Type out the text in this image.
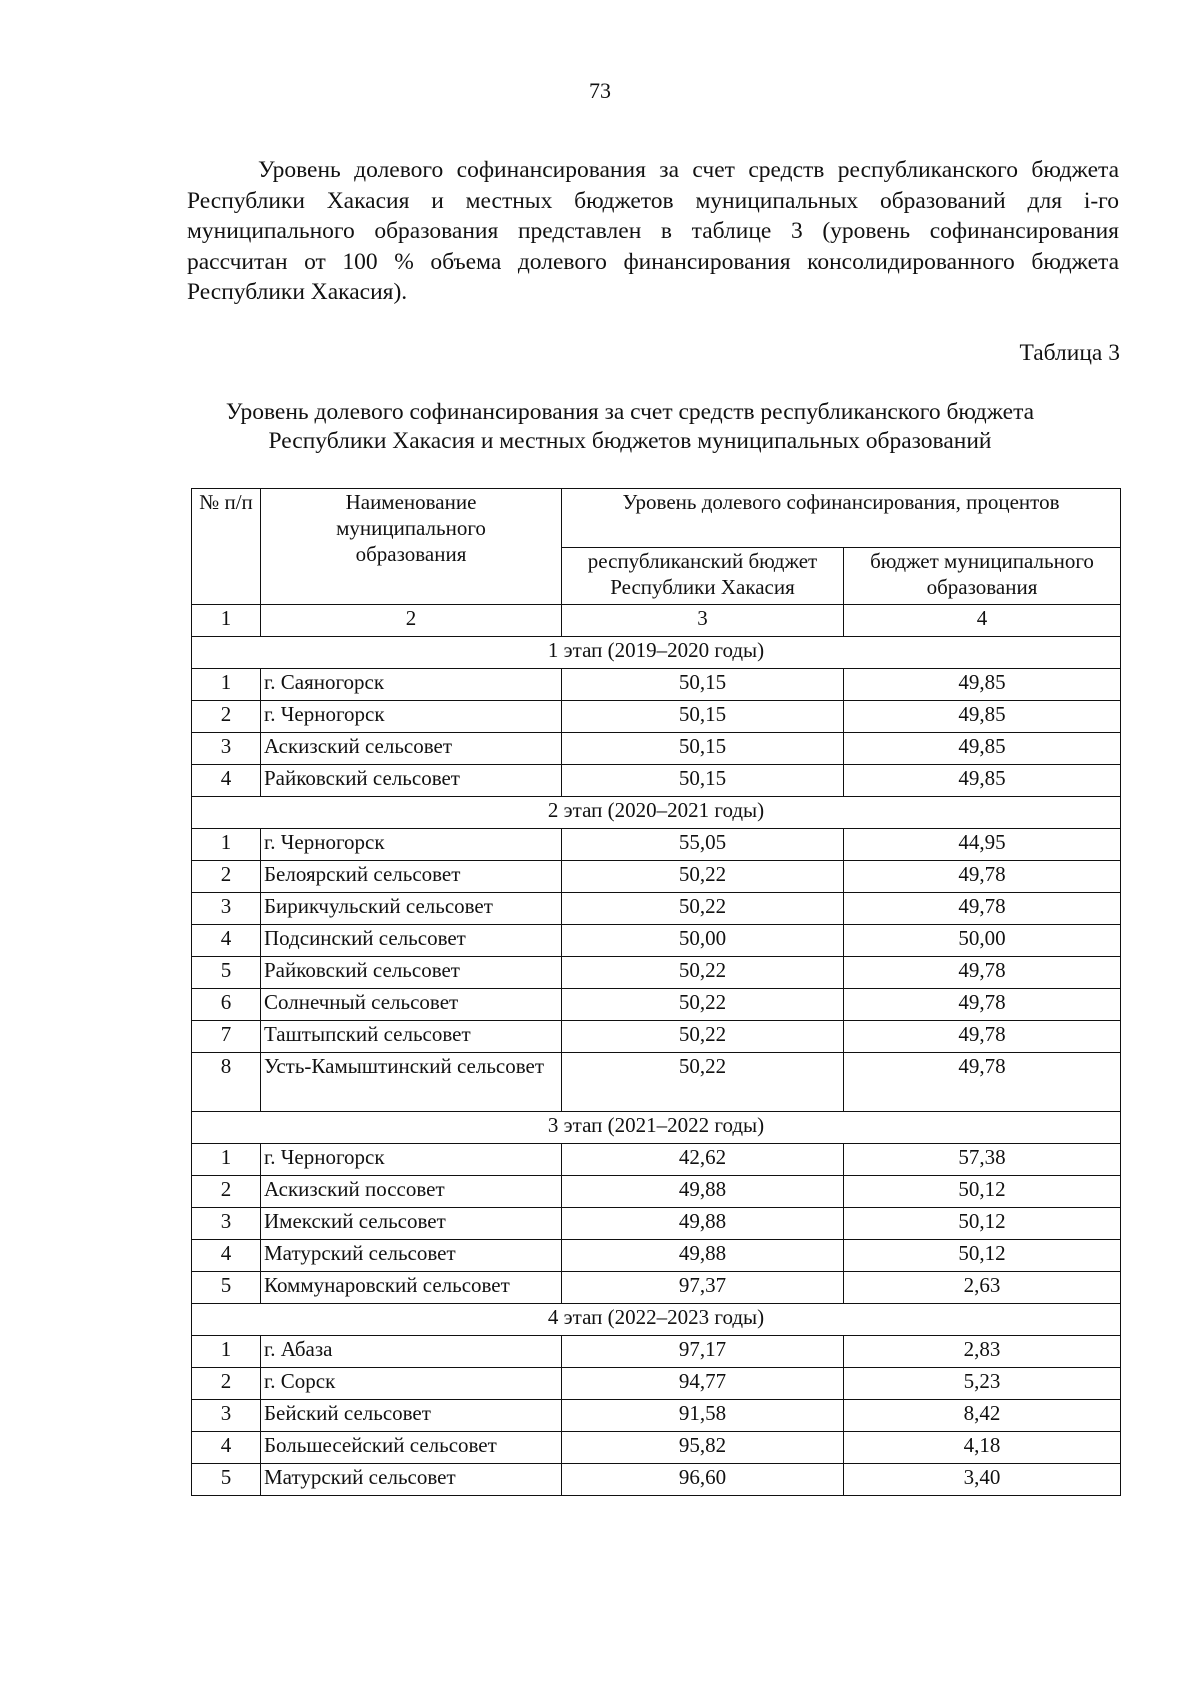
73

Уровень долевого софинансирования за счет средств республиканского бюджета Республики Хакасия и местных бюджетов муниципальных образований для i-го муниципального образования представлен в таблице 3 (уровень софинансирования рассчитан от 100 % объема долевого финансирования консолидированного бюджета Республики Хакасия).

Таблица 3
Уровень долевого софинансирования за счет средств республиканского бюджета
Республики Хакасия и местных бюджетов муниципальных образований
№ п/п	Наименование муниципального образования	Уровень долевого софинансирования, процентов	
		республиканский бюджет Республики Хакасия	бюджет муниципального образования
1	2	3	4
1 этап (2019–2020 годы)			
1	г. Саяногорск	50,15	49,85
2	г. Черногорск	50,15	49,85
3	Аскизский сельсовет	50,15	49,85
4	Райковский сельсовет	50,15	49,85
2 этап (2020–2021 годы)			
1	г. Черногорск	55,05	44,95
2	Белоярский сельсовет	50,22	49,78
3	Бирикчульский сельсовет	50,22	49,78
4	Подсинский сельсовет	50,00	50,00
5	Райковский сельсовет	50,22	49,78
6	Солнечный сельсовет	50,22	49,78
7	Таштыпский сельсовет	50,22	49,78
8	Усть-Камыштинский сельсовет	50,22	49,78
3 этап (2021–2022 годы)			
1	г. Черногорск	42,62	57,38
2	Аскизский поссовет	49,88	50,12
3	Имекский сельсовет	49,88	50,12
4	Матурский сельсовет	49,88	50,12
5	Коммунаровский сельсовет	97,37	2,63
4 этап (2022–2023 годы)			
1	г. Абаза	97,17	2,83
2	г. Сорск	94,77	5,23
3	Бейский сельсовет	91,58	8,42
4	Большесейский сельсовет	95,82	4,18
5	Матурский сельсовет	96,60	3,40
